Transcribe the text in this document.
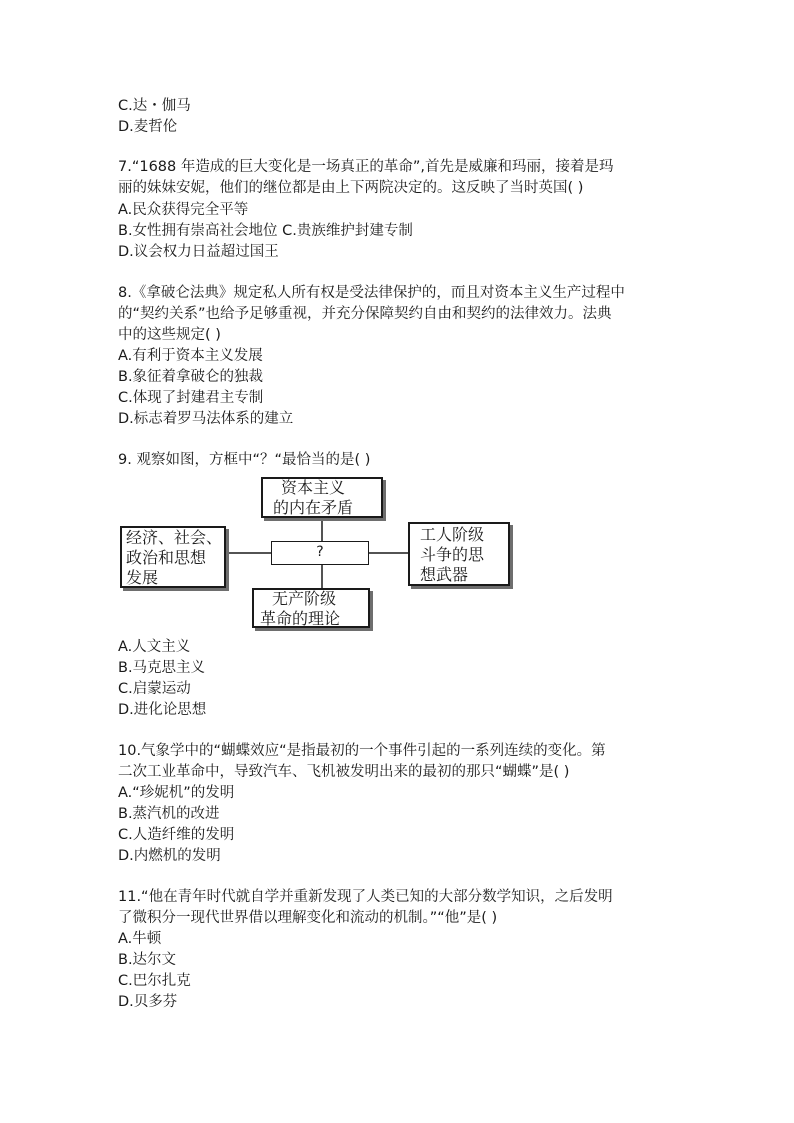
C.达・伽马
D.麦哲伦
7.“1688 年造成的巨大变化是一场真正的革命”,首先是威廉和玛丽，接着是玛
丽的妹妹安妮，他们的继位都是由上下两院决定的。这反映了当时英国( )
A.民众获得完全平等
B.女性拥有崇高社会地位 C.贵族维护封建专制
D.议会权力日益超过国王
8.《拿破仑法典》规定私人所有权是受法律保护的，而且对资本主义生产过程中
的“契约关系”也给予足够重视，并充分保障契约自由和契约的法律效力。法典
中的这些规定( )
A.有利于资本主义发展
B.象征着拿破仑的独裁
C.体现了封建君主专制
D.标志着罗马法体系的建立
9. 观察如图，方框中“？“最恰当的是( )
资本主义
的内在矛盾
经济、社会、
政治和思想
发展
工人阶级
斗争的思
想武器
无产阶级
革命的理论
?
A.人文主义
B.马克思主义
C.启蒙运动
D.进化论思想
10.气象学中的“蝴蝶效应“是指最初的一个事件引起的一系列连续的变化。第
二次工业革命中，导致汽车、飞机被发明出来的最初的那只“蝴蝶”是( )
A.“珍妮机”的发明
B.蒸汽机的改进
C.人造纤维的发明
D.内燃机的发明
11.“他在青年时代就自学并重新发现了人类已知的大部分数学知识，之后发明
了微积分一现代世界借以理解变化和流动的机制。”“他”是( )
A.牛顿
B.达尔文
C.巴尔扎克
D.贝多芬
